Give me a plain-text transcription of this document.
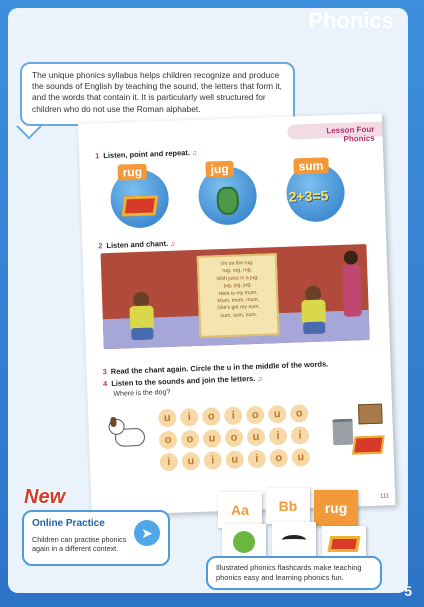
Phonics
The unique phonics syllabus helps children recognize and produce the sounds of English by teaching the sound, the letters that form it, and the words that contain it. It is particularly well structured for children who do not use the Roman alphabet.
Lesson Four Phonics
1 Listen, point and repeat. ♫
rug	jug	sum
2+3=5
2 Listen and chant. ♫
I'm on the rug,
rug, rug, rug.
With juice in a jug,
jug, jug, jug.
Here is my mum,
Mum, mum, mum,
She's got my sum,
sum, sum, sum.
3 Read the chant again. Circle the u in the middle of the words.
4 Listen to the sounds and join the letters. ♫
Where is the dog?
u	i	o	i	o	u	o
o	o	u	o	u	i	i
i	u	i	u	i	o	u
111
New
Online Practice
Children can practise phonics again in a different context.
➤
Aa Bb rug
Illustrated phonics flashcards make teaching phonics easy and learning phonics fun.
5
